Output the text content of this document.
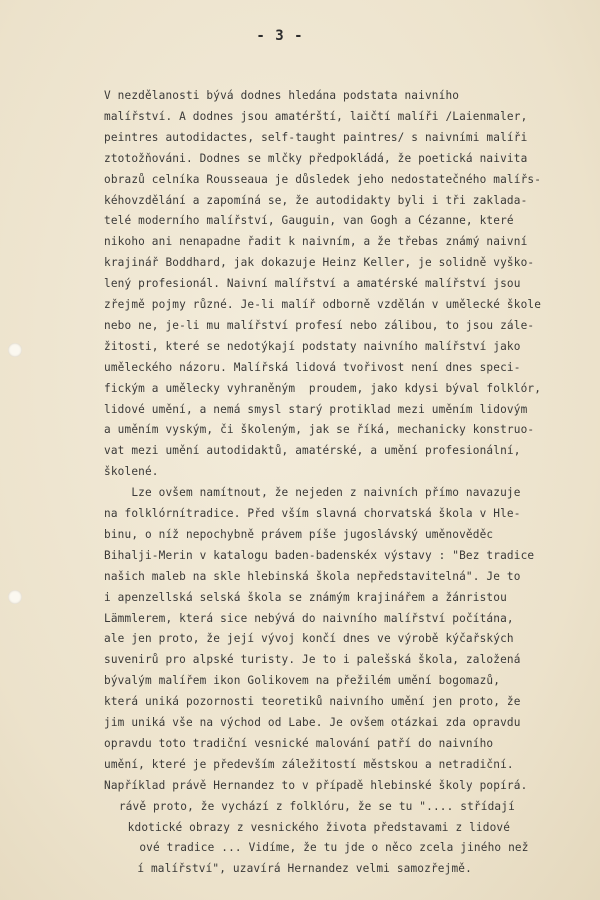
- 3 -
V nezdělanosti bývá dodnes hledána podstata naivního
malířství. A dodnes jsou amatérští, laičtí malíři /Laienmaler,
peintres autodidactes, self-taught paintres/ s naivními malíři
ztotožňováni. Dodnes se mlčky předpokládá, že poetická naivita
obrazů celníka Rousseaua je důsledek jeho nedostatečného malířs-
kéhovzdělání a zapomíná se, že autodidakty byli i tři zaklada-
telé moderního malířství, Gauguin, van Gogh a Cézanne, které
nikoho ani nenapadne řadit k naivním, a že třebas známý naivní
krajinář Boddhard, jak dokazuje Heinz Keller, je solidně vyško-
lený profesionál. Naivní malířství a amatérské malířství jsou
zřejmě pojmy různé. Je-li malíř odborně vzdělán v umělecké škole
nebo ne, je-li mu malířství profesí nebo zálibou, to jsou zále-
žitosti, které se nedotýkají podstaty naivního malířství jako
uměleckého názoru. Malířská lidová tvořivost není dnes speci-
fickým a umělecky vyhraněným  proudem, jako kdysi býval folklór,
lidové umění, a nemá smysl starý protiklad mezi uměním lidovým
a uměním vyským, či školeným, jak se říká, mechanicky konstruo-
vat mezi umění autodidaktů, amatérské, a umění profesionální,
školené.
Lze ovšem namítnout, že nejeden z naivních přímo navazuje
na folklórnítradice. Před vším slavná chorvatská škola v Hle-
binu, o níž nepochybně právem píše jugoslávský uměnověděc
Bihalji-Merin v katalogu baden-badenskéx výstavy : "Bez tradice
našich maleb na skle hlebinská škola nepředstavitelná". Je to
i apenzellská selská škola se známým krajinářem a žánristou
Lämmlerem, která sice nebývá do naivního malířství počítána,
ale jen proto, že její vývoj končí dnes ve výrobě kýčařských
suvenirů pro alpské turisty. Je to i palešská škola, založená
bývalým malířem ikon Golikovem na přežilém umění bogomazů,
která uniká pozornosti teoretiků naivního umění jen proto, že
jim uniká vše na východ od Labe. Je ovšem otázkai zda opravdu
opravdu toto tradiční vesnické malování patří do naivního
umění, které je především záležitostí městskou a netradiční.
Například právě Hernandez to v případě hlebinské školy popírá.
rávě proto, že vychází z folklóru, že se tu ".... střídají
kdotické obrazy z vesnického života představami z lidové
ové tradice ... Vidíme, že tu jde o něco zcela jiného než
í malířství", uzavírá Hernandez velmi samozřejmě.
